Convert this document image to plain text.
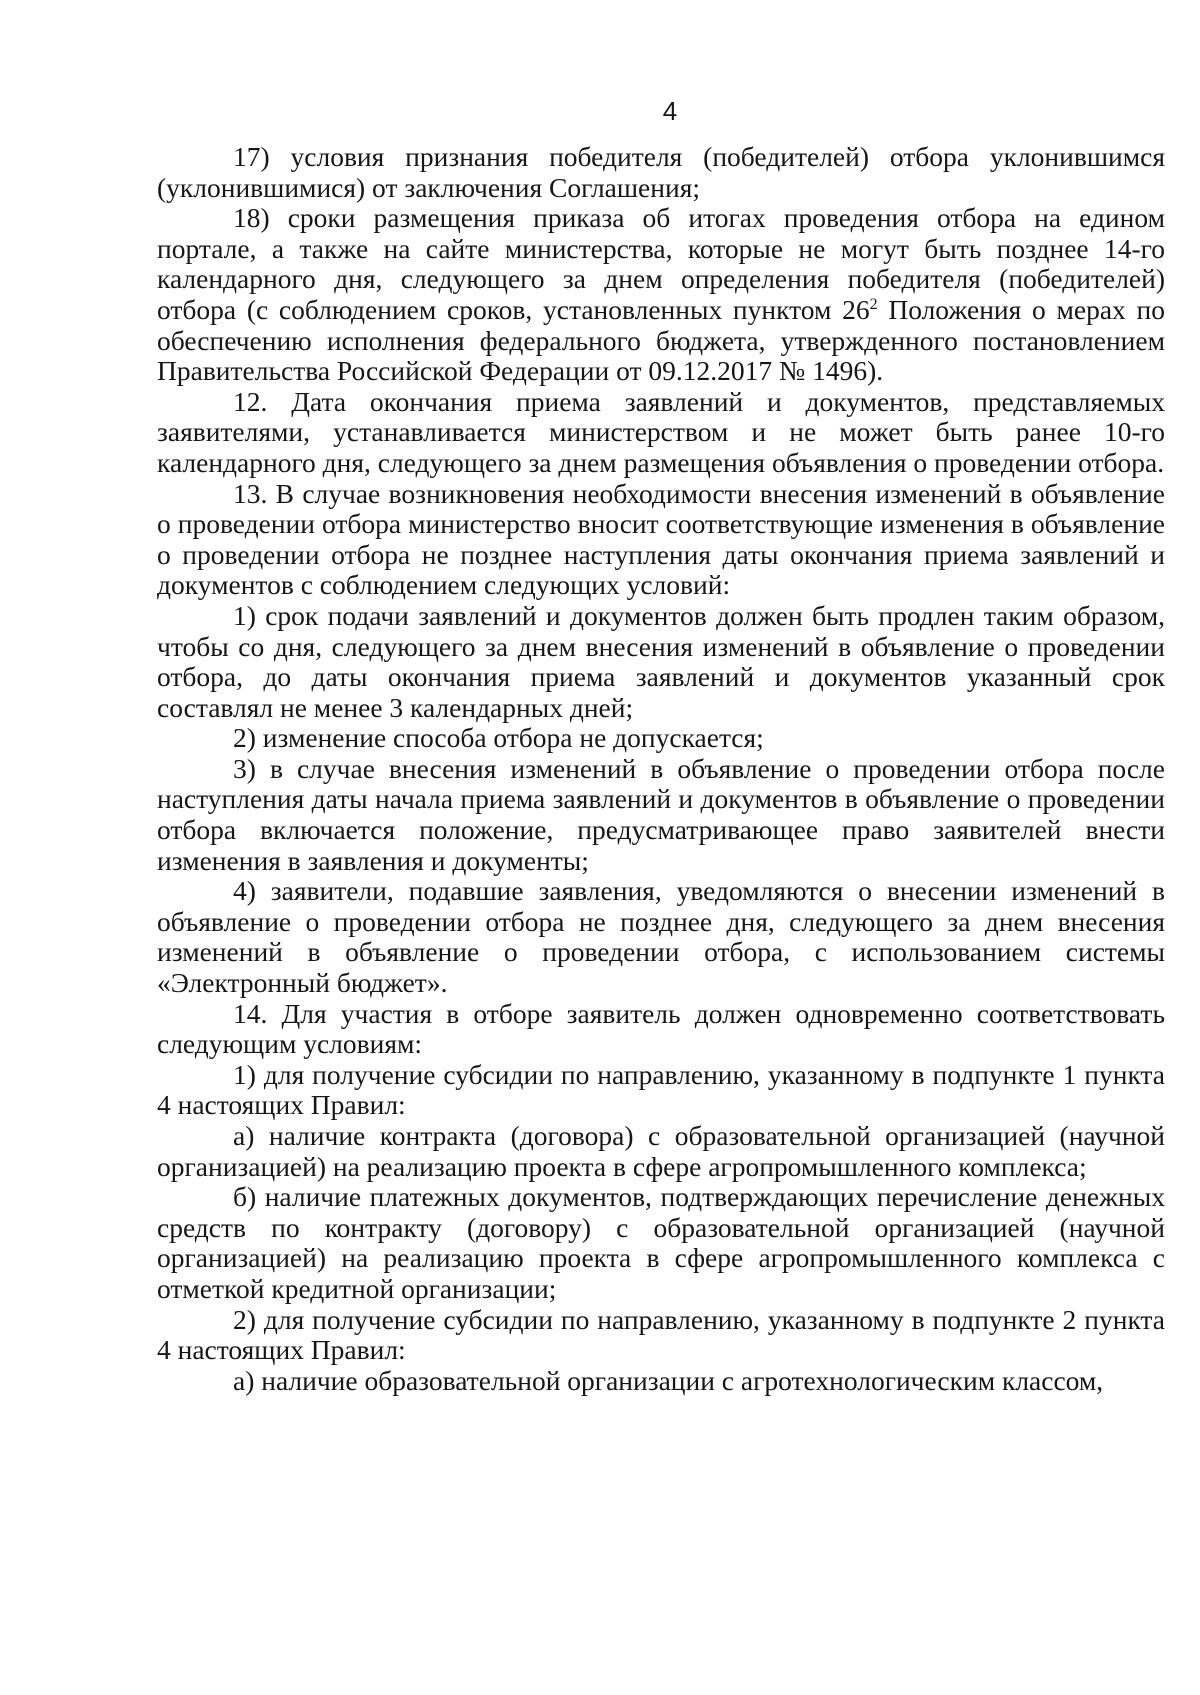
4

17) условия признания победителя (победителей) отбора уклонившимся (уклонившимися) от заключения Соглашения;

18) сроки размещения приказа об итогах проведения отбора на едином портале, а также на сайте министерства, которые не могут быть позднее 14-го календарного дня, следующего за днем определения победителя (победителей) отбора (с соблюдением сроков, установленных пунктом $26^2$ Положения о мерах по обеспечению исполнения федерального бюджета, утвержденного постановлением Правительства Российской Федерации от 09.12.2017 № 1496).

12. Дата окончания приема заявлений и документов, представляемых заявителями, устанавливается министерством и не может быть ранее 10-го календарного дня, следующего за днем размещения объявления о проведении отбора.

13. В случае возникновения необходимости внесения изменений в объявление о проведении отбора министерство вносит соответствующие изменения в объявление о проведении отбора не позднее наступления даты окончания приема заявлений и документов с соблюдением следующих условий:

1) срок подачи заявлений и документов должен быть продлен таким образом, чтобы со дня, следующего за днем внесения изменений в объявление о проведении отбора, до даты окончания приема заявлений и документов указанный срок составлял не менее 3 календарных дней;

2) изменение способа отбора не допускается;

3) в случае внесения изменений в объявление о проведении отбора после наступления даты начала приема заявлений и документов в объявление о проведении отбора включается положение, предусматривающее право заявителей внести изменения в заявления и документы;

4) заявители, подавшие заявления, уведомляются о внесении изменений в объявление о проведении отбора не позднее дня, следующего за днем внесения изменений в объявление о проведении отбора, с использованием системы «Электронный бюджет».

14. Для участия в отборе заявитель должен одновременно соответствовать следующим условиям:

1) для получение субсидии по направлению, указанному в подпункте 1 пункта 4 настоящих Правил:

а) наличие контракта (договора) с образовательной организацией (научной организацией) на реализацию проекта в сфере агропромышленного комплекса;

б) наличие платежных документов, подтверждающих перечисление денежных средств по контракту (договору) с образовательной организацией (научной организацией) на реализацию проекта в сфере агропромышленного комплекса с отметкой кредитной организации;

2) для получение субсидии по направлению, указанному в подпункте 2 пункта 4 настоящих Правил:

а) наличие образовательной организации с агротехнологическим классом,
